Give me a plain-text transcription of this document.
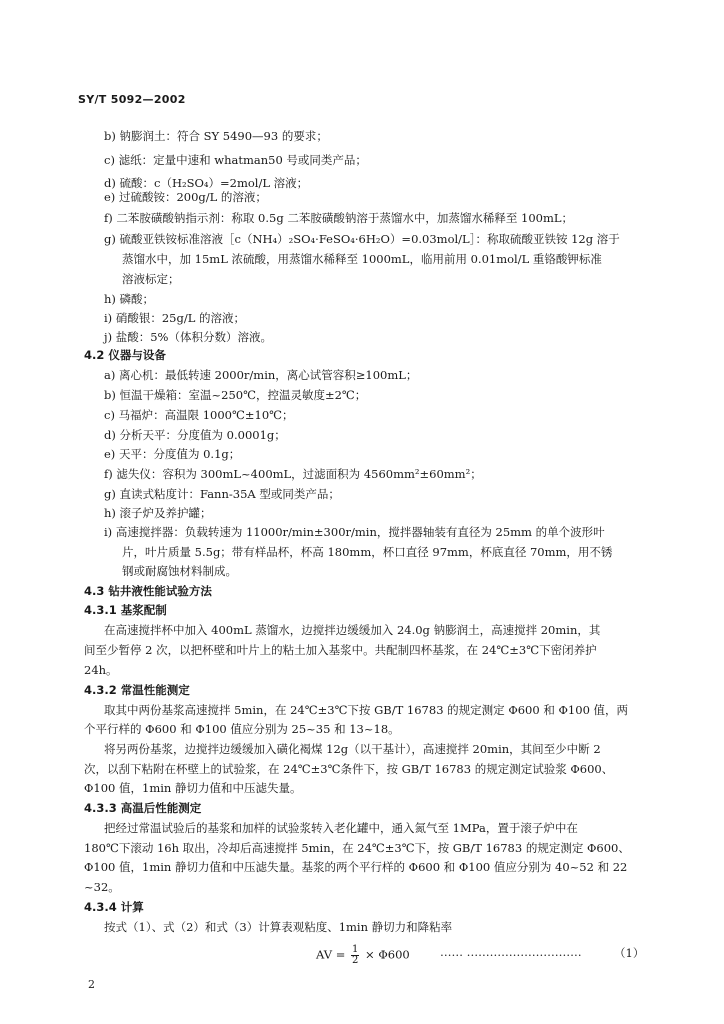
SY/T 5092—2002
b) 钠膨润土：符合 SY 5490—93 的要求；
c) 滤纸：定量中速和 whatman50 号或同类产品；
d) 硫酸：c（H₂SO₄）=2mol/L 溶液；
e) 过硫酸铵：200g/L 的溶液；
f) 二苯胺磺酸钠指示剂：称取 0.5g 二苯胺磺酸钠溶于蒸馏水中，加蒸馏水稀释至 100mL；
g) 硫酸亚铁铵标准溶液［c（NH₄）₂SO₄·FeSO₄·6H₂O）=0.03mol/L］：称取硫酸亚铁铵 12g 溶于
蒸馏水中，加 15mL 浓硫酸，用蒸馏水稀释至 1000mL，临用前用 0.01mol/L 重铬酸钾标准
溶液标定；
h) 磷酸；
i) 硝酸银：25g/L 的溶液；
j) 盐酸：5%（体积分数）溶液。
4.2 仪器与设备
a) 离心机：最低转速 2000r/min，离心试管容积≥100mL；
b) 恒温干燥箱：室温~250℃，控温灵敏度±2℃；
c) 马福炉：高温限 1000℃±10℃；
d) 分析天平：分度值为 0.0001g；
e) 天平：分度值为 0.1g；
f) 滤失仪：容积为 300mL~400mL，过滤面积为 4560mm²±60mm²；
g) 直读式粘度计：Fann-35A 型或同类产品；
h) 滚子炉及养护罐；
i) 高速搅拌器：负载转速为 11000r/min±300r/min，搅拌器轴装有直径为 25mm 的单个波形叶
片，叶片质量 5.5g；带有样品杯，杯高 180mm，杯口直径 97mm，杯底直径 70mm，用不锈
钢或耐腐蚀材料制成。
4.3 钻井液性能试验方法
4.3.1 基浆配制
在高速搅拌杯中加入 400mL 蒸馏水，边搅拌边缓缓加入 24.0g 钠膨润土，高速搅拌 20min，其
间至少暂停 2 次，以把杯壁和叶片上的粘土加入基浆中。共配制四杯基浆，在 24℃±3℃下密闭养护
24h。
4.3.2 常温性能测定
取其中两份基浆高速搅拌 5min，在 24℃±3℃下按 GB/T 16783 的规定测定 Φ600 和 Φ100 值，两
个平行样的 Φ600 和 Φ100 值应分别为 25~35 和 13~18。
将另两份基浆，边搅拌边缓缓加入磺化褐煤 12g（以干基计），高速搅拌 20min，其间至少中断 2
次，以刮下粘附在杯壁上的试验浆，在 24℃±3℃条件下，按 GB/T 16783 的规定测定试验浆 Φ600、
Φ100 值，1min 静切力值和中压滤失量。
4.3.3 高温后性能测定
把经过常温试验后的基浆和加样的试验浆转入老化罐中，通入氮气至 1MPa，置于滚子炉中在
180℃下滚动 16h 取出，冷却后高速搅拌 5min，在 24℃±3℃下，按 GB/T 16783 的规定测定 Φ600、
Φ100 值，1min 静切力值和中压滤失量。基浆的两个平行样的 Φ600 和 Φ100 值应分别为 40~52 和 22
~32。
4.3.4 计算
按式（1）、式（2）和式（3）计算表观粘度、1min 静切力和降粘率
AV = $\frac{1}{2} \times \Phi 600$	…… …………………………	（1）
2
